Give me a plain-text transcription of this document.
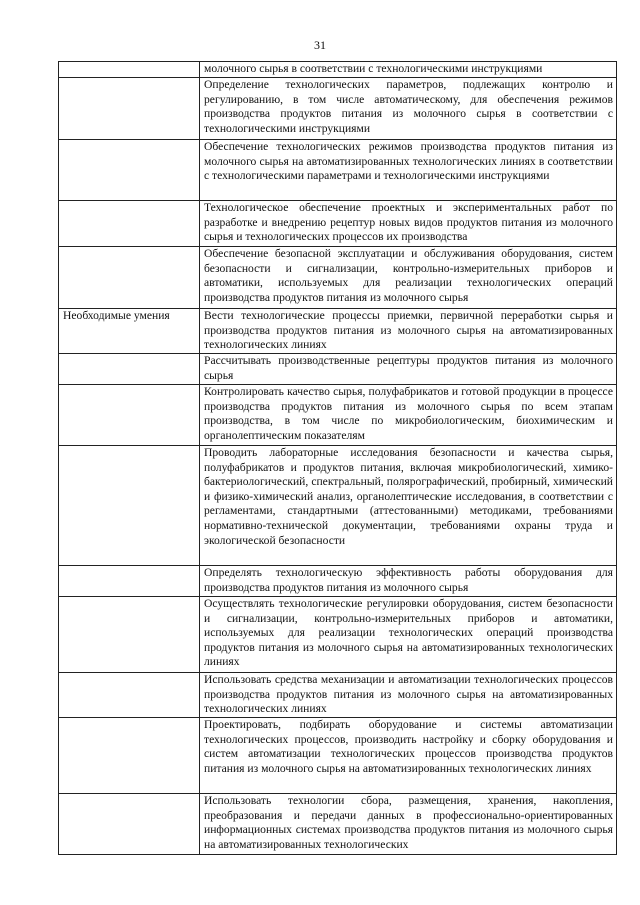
31
	молочного сырья в соответствии с технологическими инструкциями
	Определение технологических параметров, подлежащих контролю и регулированию, в том числе автоматическому, для обеспечения режимов производства продуктов питания из молочного сырья в соответствии с технологическими инструкциями
	Обеспечение технологических режимов производства продуктов питания из молочного сырья на автоматизированных технологических линиях в соответствии с технологическими параметрами и технологическими инструкциями
	Технологическое обеспечение проектных и экспериментальных работ по разработке и внедрению рецептур новых видов продуктов питания из молочного сырья и технологических процессов их производства
	Обеспечение безопасной эксплуатации и обслуживания оборудования, систем безопасности и сигнализации, контрольно-измерительных приборов и автоматики, используемых для реализации технологических операций производства продуктов питания из молочного сырья
Необходимые умения	Вести технологические процессы приемки, первичной переработки сырья и производства продуктов питания из молочного сырья на автоматизированных технологических линиях
	Рассчитывать производственные рецептуры продуктов питания из молочного сырья
	Контролировать качество сырья, полуфабрикатов и готовой продукции в процессе производства продуктов питания из молочного сырья по всем этапам производства, в том числе по микробиологическим, биохимическим и органолептическим показателям
	Проводить лабораторные исследования безопасности и качества сырья, полуфабрикатов и продуктов питания, включая микробиологический, химико-бактериологический, спектральный, полярографический, пробирный, химический и физико-химический анализ, органолептические исследования, в соответствии с регламентами, стандартными (аттестованными) методиками, требованиями нормативно-технической документации, требованиями охраны труда и экологической безопасности
	Определять технологическую эффективность работы оборудования для производства продуктов питания из молочного сырья
	Осуществлять технологические регулировки оборудования, систем безопасности и сигнализации, контрольно-измерительных приборов и автоматики, используемых для реализации технологических операций производства продуктов питания из молочного сырья на автоматизированных технологических линиях
	Использовать средства механизации и автоматизации технологических процессов производства продуктов питания из молочного сырья на автоматизированных технологических линиях
	Проектировать, подбирать оборудование и системы автоматизации технологических процессов, производить настройку и сборку оборудования и систем автоматизации технологических процессов производства продуктов питания из молочного сырья на автоматизированных технологических линиях
	Использовать технологии сбора, размещения, хранения, накопления, преобразования и передачи данных в профессионально-ориентированных информационных системах производства продуктов питания из молочного сырья на автоматизированных технологических
